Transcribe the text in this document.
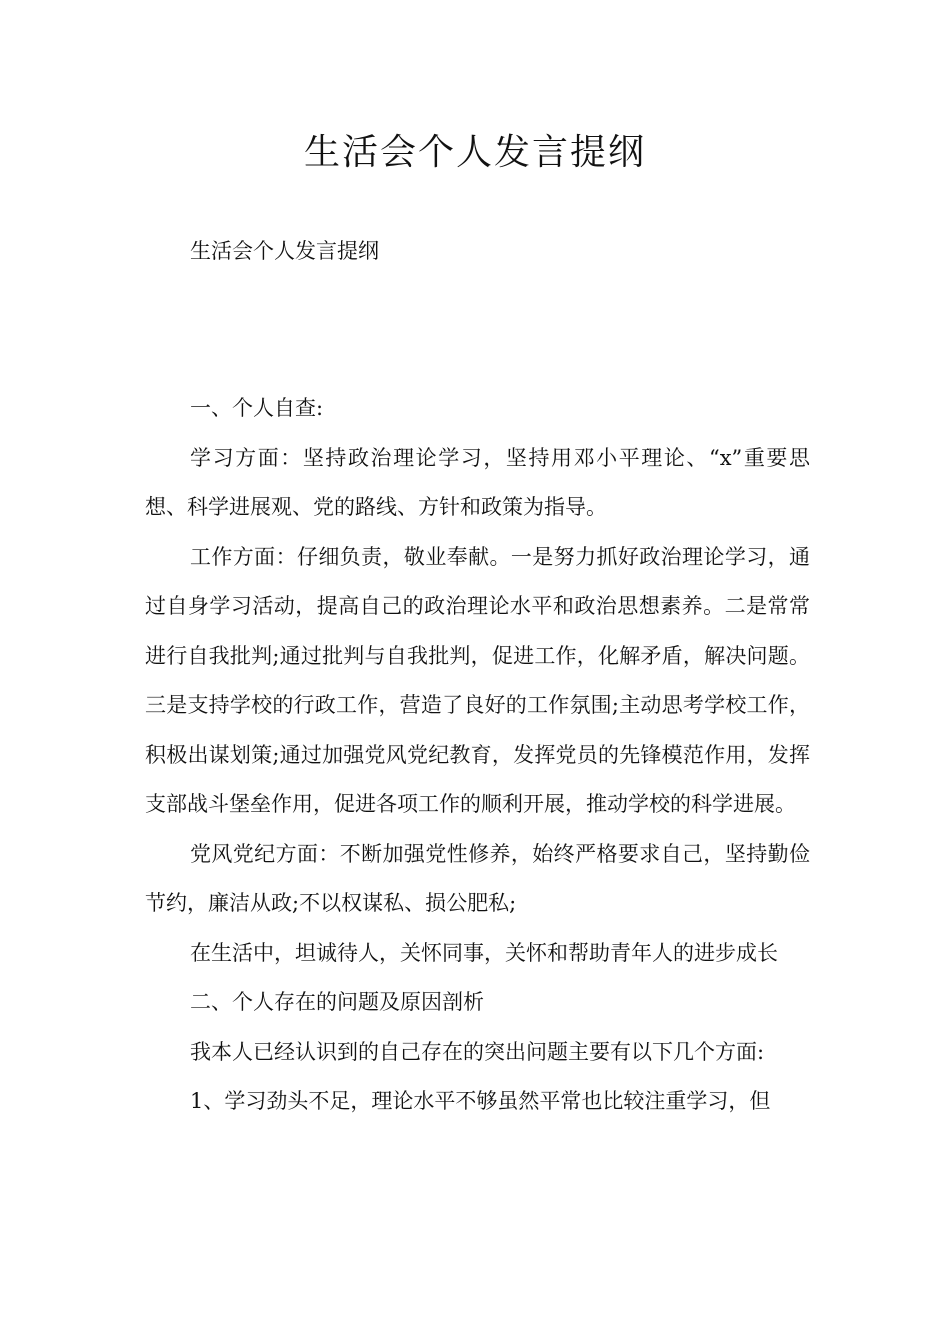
生活会个人发言提纲

生活会个人发言提纲

一、个人自查:

学习方面：坚持政治理论学习，坚持用邓小平理论、“x”重要思想、科学进展观、党的路线、方针和政策为指导。

工作方面：仔细负责，敬业奉献。一是努力抓好政治理论学习，通过自身学习活动，提高自己的政治理论水平和政治思想素养。二是常常进行自我批判;通过批判与自我批判，促进工作，化解矛盾，解决问题。三是支持学校的行政工作，营造了良好的工作氛围;主动思考学校工作，积极出谋划策;通过加强党风党纪教育，发挥党员的先锋模范作用，发挥支部战斗堡垒作用，促进各项工作的顺利开展，推动学校的科学进展。

党风党纪方面：不断加强党性修养，始终严格要求自己，坚持勤俭节约，廉洁从政;不以权谋私、损公肥私;

在生活中，坦诚待人，关怀同事，关怀和帮助青年人的进步成长

二、个人存在的问题及原因剖析

我本人已经认识到的自己存在的突出问题主要有以下几个方面:

1、学习劲头不足，理论水平不够虽然平常也比较注重学习，但
